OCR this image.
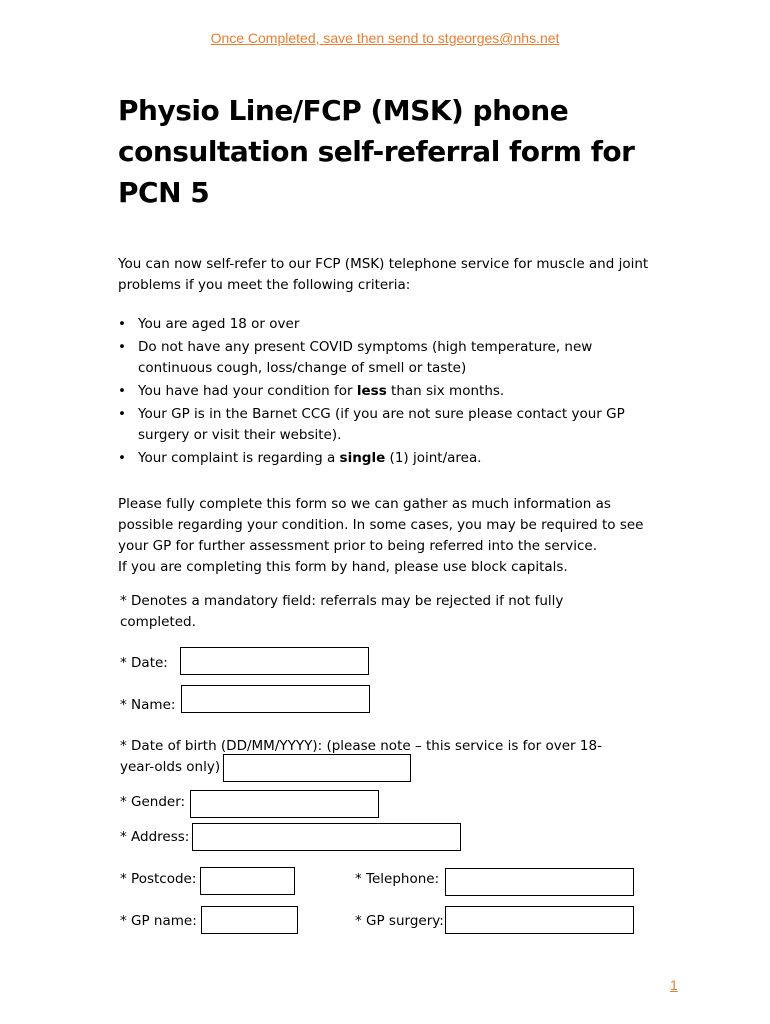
Once Completed, save then send to stgeorges@nhs.net
Physio Line/FCP (MSK) phone consultation self-referral form for PCN 5

You can now self-refer to our FCP (MSK) telephone service for muscle and joint problems if you meet the following criteria:

• You are aged 18 or over
• Do not have any present COVID symptoms (high temperature, new continuous cough, loss/change of smell or taste)
• You have had your condition for less than six months.
• Your GP is in the Barnet CCG (if you are not sure please contact your GP surgery or visit their website).
• Your complaint is regarding a single (1) joint/area.

Please fully complete this form so we can gather as much information as possible regarding your condition. In some cases, you may be required to see your GP for further assessment prior to being referred into the service.

If you are completing this form by hand, please use block capitals.

* Denotes a mandatory field: referrals may be rejected if not fully completed.

* Date:
* Name:

* Date of birth (DD/MM/YYYY): (please note – this service is for over 18-year-olds only)

* Gender:
* Address:
* Postcode:	* Telephone:
* GP name:	* GP surgery:
1
